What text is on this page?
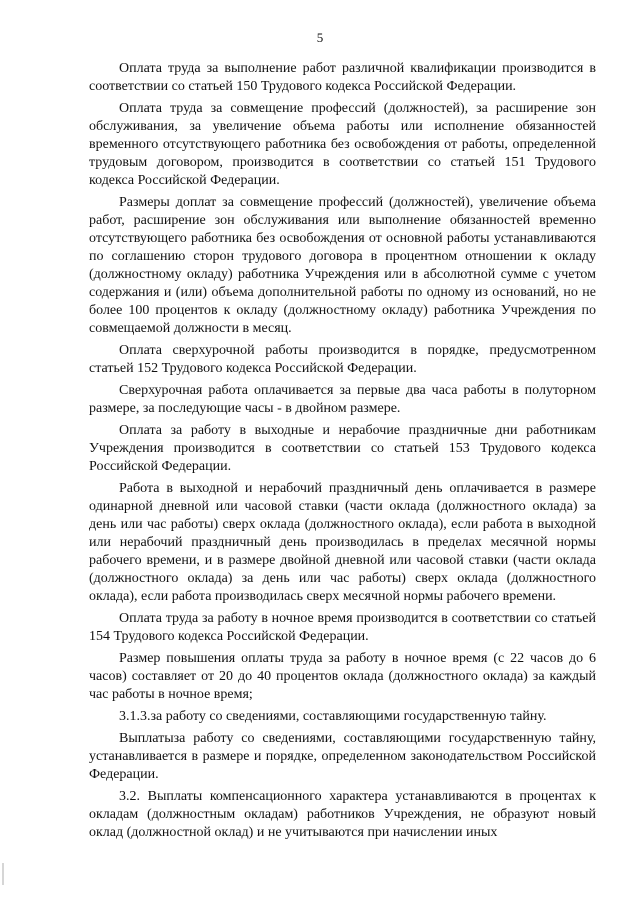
5

Оплата труда за выполнение работ различной квалификации производится в соответствии со статьей 150 Трудового кодекса Российской Федерации.

Оплата труда за совмещение профессий (должностей), за расширение зон обслуживания, за увеличение объема работы или исполнение обязанностей временного отсутствующего работника без освобождения от работы, определенной трудовым договором, производится в соответствии со статьей 151 Трудового кодекса Российской Федерации.

Размеры доплат за совмещение профессий (должностей), увеличение объема работ, расширение зон обслуживания или выполнение обязанностей временно отсутствующего работника без освобождения от основной работы устанавливаются по соглашению сторон трудового договора в процентном отношении к окладу (должностному окладу) работника Учреждения или в абсолютной сумме с учетом содержания и (или) объема дополнительной работы по одному из оснований, но не более 100 процентов к окладу (должностному окладу) работника Учреждения по совмещаемой должности в месяц.

Оплата сверхурочной работы производится в порядке, предусмотренном статьей 152 Трудового кодекса Российской Федерации.

Сверхурочная работа оплачивается за первые два часа работы в полуторном размере, за последующие часы - в двойном размере.

Оплата за работу в выходные и нерабочие праздничные дни работникам Учреждения производится в соответствии со статьей 153 Трудового кодекса Российской Федерации.

Работа в выходной и нерабочий праздничный день оплачивается в размере одинарной дневной или часовой ставки (части оклада (должностного оклада) за день или час работы) сверх оклада (должностного оклада), если работа в выходной или нерабочий праздничный день производилась в пределах месячной нормы рабочего времени, и в размере двойной дневной или часовой ставки (части оклада (должностного оклада) за день или час работы) сверх оклада (должностного оклада), если работа производилась сверх месячной нормы рабочего времени.

Оплата труда за работу в ночное время производится в соответствии со статьей 154 Трудового кодекса Российской Федерации.

Размер повышения оплаты труда за работу в ночное время (с 22 часов до 6 часов) составляет от 20 до 40 процентов оклада (должностного оклада) за каждый час работы в ночное время;

3.1.3.за работу со сведениями, составляющими государственную тайну.

Выплатыза работу со сведениями, составляющими государственную тайну, устанавливается в размере и порядке, определенном законодательством Российской Федерации.

3.2. Выплаты компенсационного характера устанавливаются в процентах к окладам (должностным окладам) работников Учреждения, не образуют новый оклад (должностной оклад) и не учитываются при начислении иных
